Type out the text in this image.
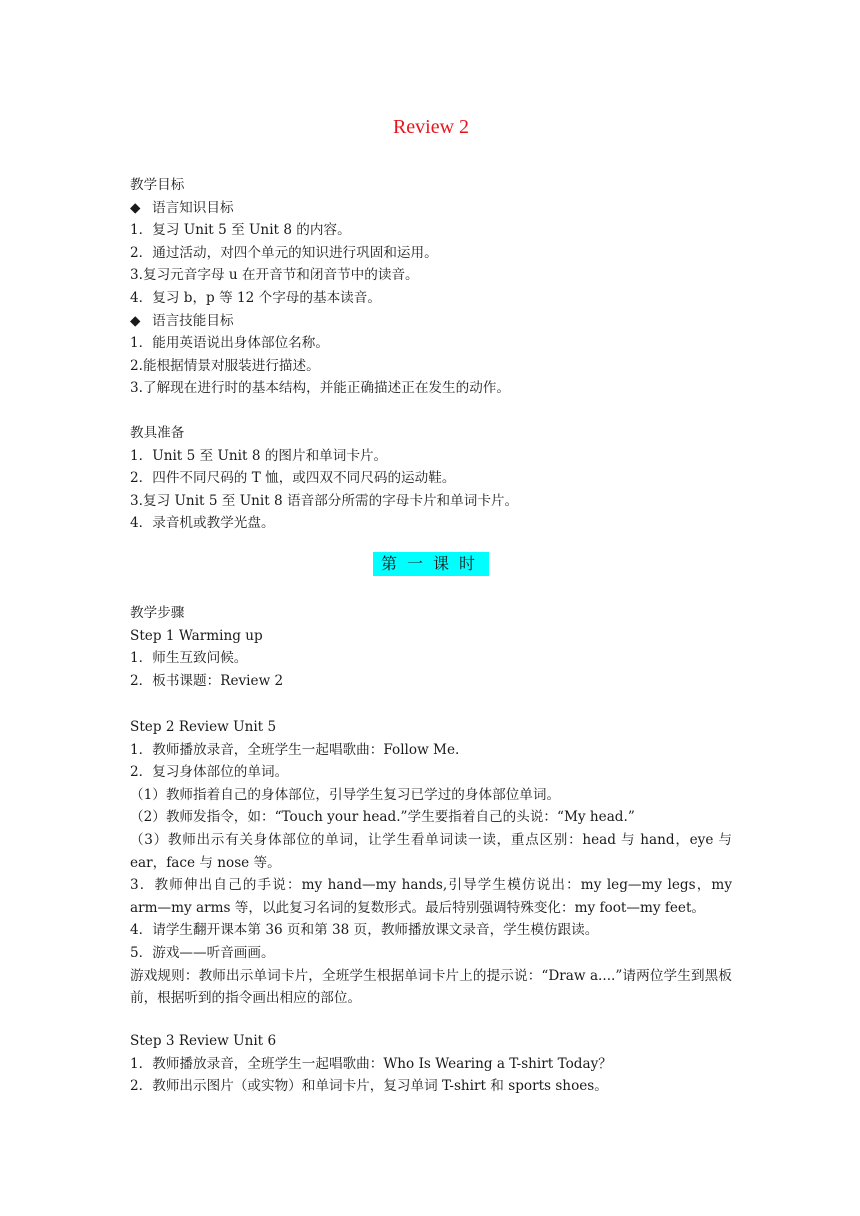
Review 2
教学目标
◆ 语言知识目标
1．复习 Unit 5 至 Unit 8 的内容。
2．通过活动，对四个单元的知识进行巩固和运用。
3.复习元音字母 u 在开音节和闭音节中的读音。
4．复习 b，p 等 12 个字母的基本读音。
◆ 语言技能目标
1．能用英语说出身体部位名称。
2.能根据情景对服装进行描述。
3.了解现在进行时的基本结构，并能正确描述正在发生的动作。
教具准备
1．Unit 5 至 Unit 8 的图片和单词卡片。
2．四件不同尺码的 T 恤，或四双不同尺码的运动鞋。
3.复习 Unit 5 至 Unit 8 语音部分所需的字母卡片和单词卡片。
4．录音机或教学光盘。
第一课时
教学步骤
Step 1 Warming up
1．师生互致问候。
2．板书课题：Review 2
Step 2 Review Unit 5
1．教师播放录音，全班学生一起唱歌曲：Follow Me.
2．复习身体部位的单词。
（1）教师指着自己的身体部位，引导学生复习已学过的身体部位单词。
（2）教师发指令，如：“Touch your head.”学生要指着自己的头说：“My head.”
（3）教师出示有关身体部位的单词，让学生看单词读一读，重点区别：head 与 hand，eye 与 ear，face 与 nose 等。
3．教师伸出自己的手说：my hand—my hands,引导学生模仿说出：my leg—my legs，my arm—my arms 等，以此复习名词的复数形式。最后特别强调特殊变化：my foot—my feet。
4．请学生翻开课本第 36 页和第 38 页，教师播放课文录音，学生模仿跟读。
5．游戏——听音画画。
游戏规则：教师出示单词卡片，全班学生根据单词卡片上的提示说：“Draw a....”请两位学生到黑板前，根据听到的指令画出相应的部位。
Step 3 Review Unit 6
1．教师播放录音，全班学生一起唱歌曲：Who Is Wearing a T-shirt Today？
2．教师出示图片（或实物）和单词卡片，复习单词 T-shirt 和 sports shoes。
